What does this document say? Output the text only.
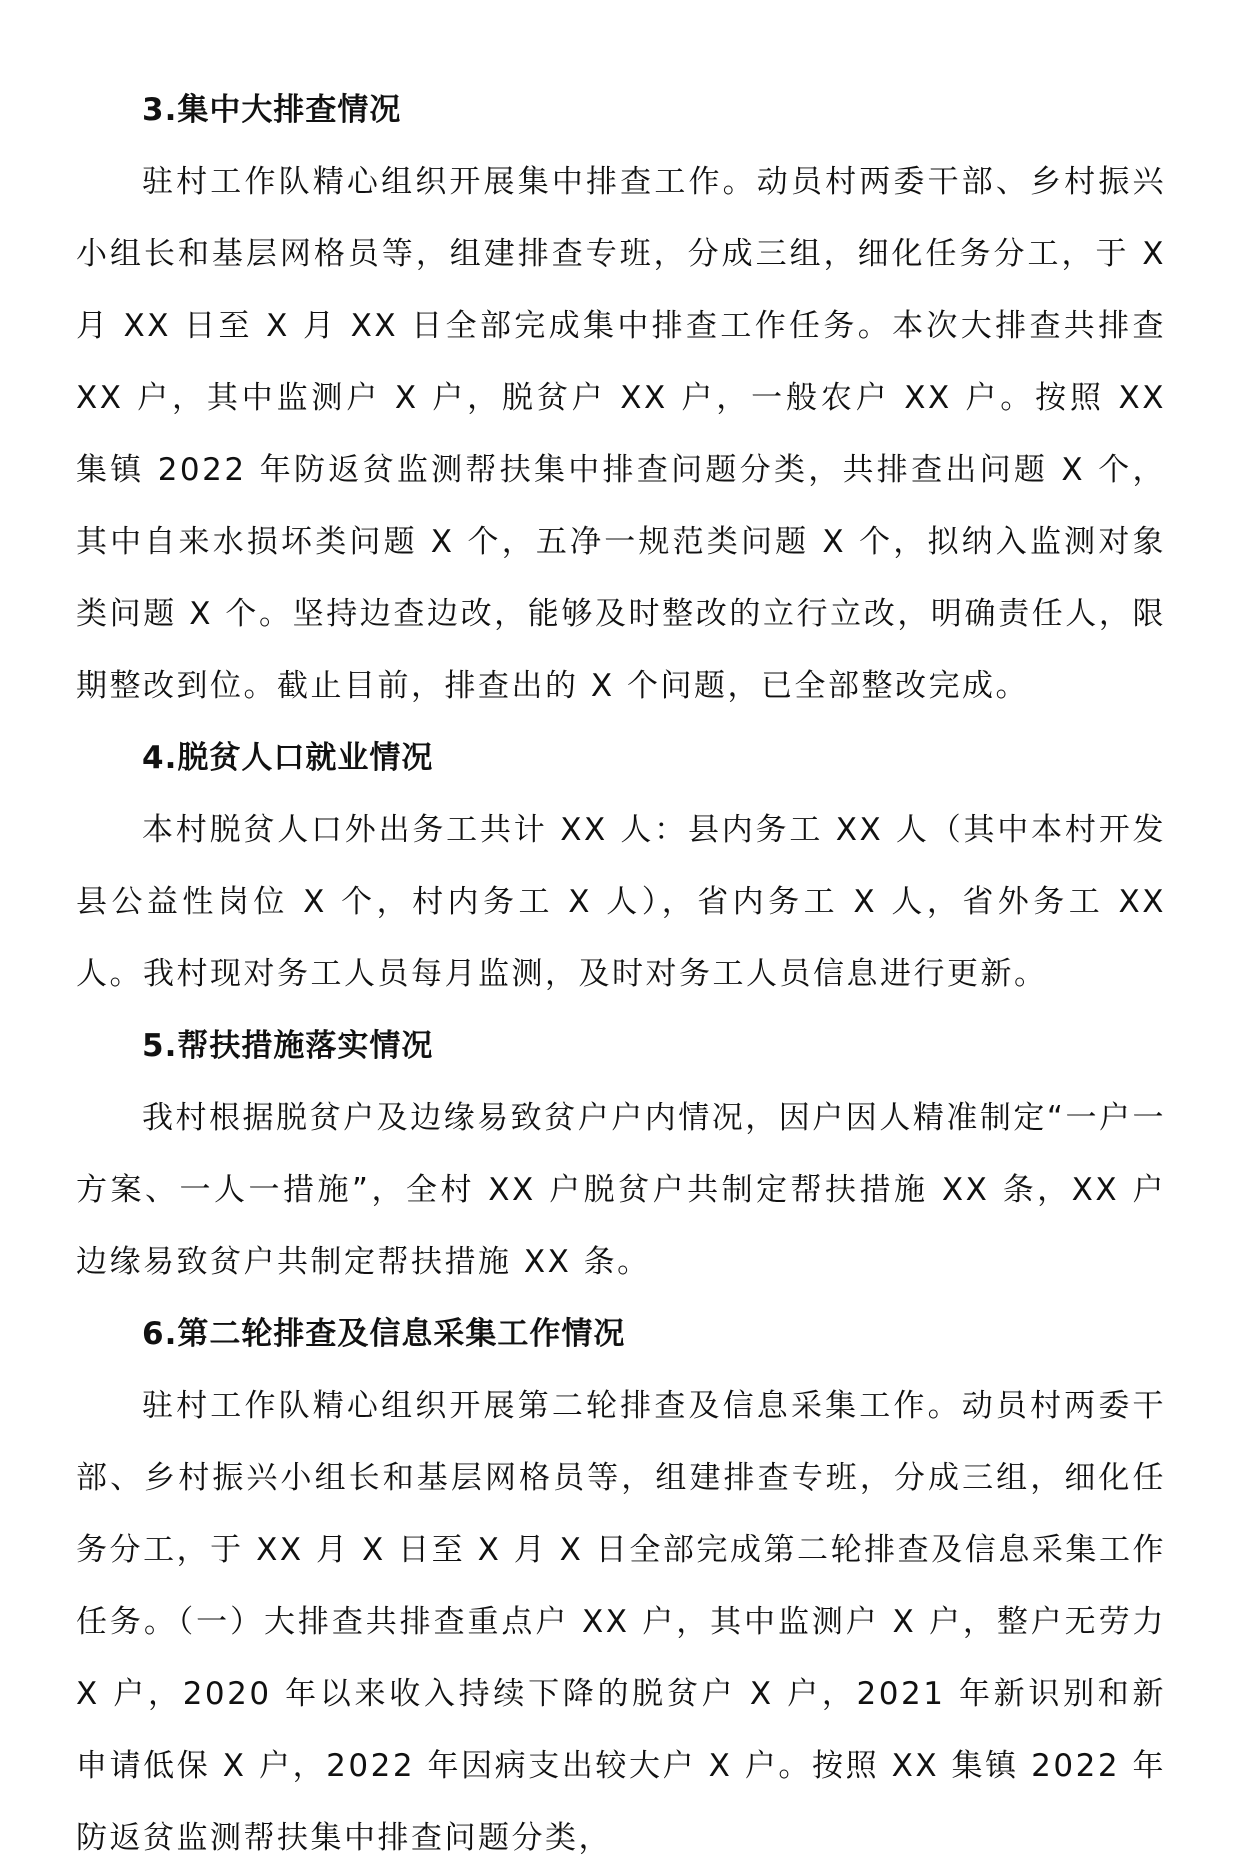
3.集中大排查情况

驻村工作队精心组织开展集中排查工作。动员村两委干部、乡村振兴小组长和基层网格员等，组建排查专班，分成三组，细化任务分工，于 X 月 XX 日至 X 月 XX 日全部完成集中排查工作任务。本次大排查共排查 XX 户，其中监测户 X 户，脱贫户 XX 户，一般农户 XX 户。按照 XX 集镇 2022 年防返贫监测帮扶集中排查问题分类，共排查出问题 X 个，其中自来水损坏类问题 X 个，五净一规范类问题 X 个，拟纳入监测对象类问题 X 个。坚持边查边改，能够及时整改的立行立改，明确责任人，限期整改到位。截止目前，排查出的 X 个问题，已全部整改完成。

4.脱贫人口就业情况

本村脱贫人口外出务工共计 XX 人：县内务工 XX 人（其中本村开发县公益性岗位 X 个，村内务工 X 人），省内务工 X 人，省外务工 XX 人。我村现对务工人员每月监测，及时对务工人员信息进行更新。

5.帮扶措施落实情况

我村根据脱贫户及边缘易致贫户户内情况，因户因人精准制定“一户一方案、一人一措施”，全村 XX 户脱贫户共制定帮扶措施 XX 条，XX 户边缘易致贫户共制定帮扶措施 XX 条。

6.第二轮排查及信息采集工作情况

驻村工作队精心组织开展第二轮排查及信息采集工作。动员村两委干部、乡村振兴小组长和基层网格员等，组建排查专班，分成三组，细化任务分工，于 XX 月 X 日至 X 月 X 日全部完成第二轮排查及信息采集工作任务。（一）大排查共排查重点户 XX 户，其中监测户 X 户，整户无劳力 X 户，2020 年以来收入持续下降的脱贫户 X 户，2021 年新识别和新申请低保 X 户，2022 年因病支出较大户 X 户。按照 XX 集镇 2022 年防返贫监测帮扶集中排查问题分类，
